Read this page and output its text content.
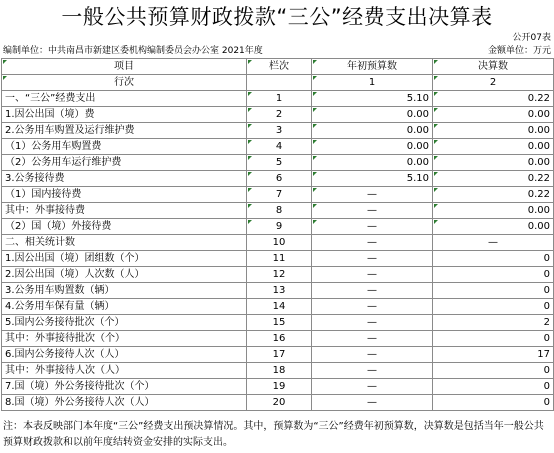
一般公共预算财政拨款“三公”经费支出决算表
公开07表
编制单位：中共南昌市新建区委机构编制委员会办公室 2021年度	金额单位：万元
项目	栏次	年初预算数	决算数
行次		1	2
一、“三公”经费支出	1	5.10	0.22
1.因公出国（境）费	2	0.00	0.00
2.公务用车购置及运行维护费	3	0.00	0.00
（1）公务用车购置费	4	0.00	0.00
（2）公务用车运行维护费	5	0.00	0.00
3.公务接待费	6	5.10	0.22
（1）国内接待费	7	—	0.22
其中：外事接待费	8	—	0.00
（2）国（境）外接待费	9	—	0.00
二、相关统计数	10	—	—
1.因公出国（境）团组数（个）	11	—	0
2.因公出国（境）人次数（人）	12	—	0
3.公务用车购置数（辆）	13	—	0
4.公务用车保有量（辆）	14	—	0
5.国内公务接待批次（个）	15	—	2
其中：外事接待批次（个）	16	—	0
6.国内公务接待人次（人）	17	—	17
其中：外事接待人次（人）	18	—	0
7.国（境）外公务接待批次（个）	19	—	0
8.国（境）外公务接待人次（人）	20	—	0
注：本表反映部门本年度“三公”经费支出预决算情况。其中，预算数为“三公”经费年初预算数，决算数是包括当年一般公共预算财政拨款和以前年度结转资金安排的实际支出。
